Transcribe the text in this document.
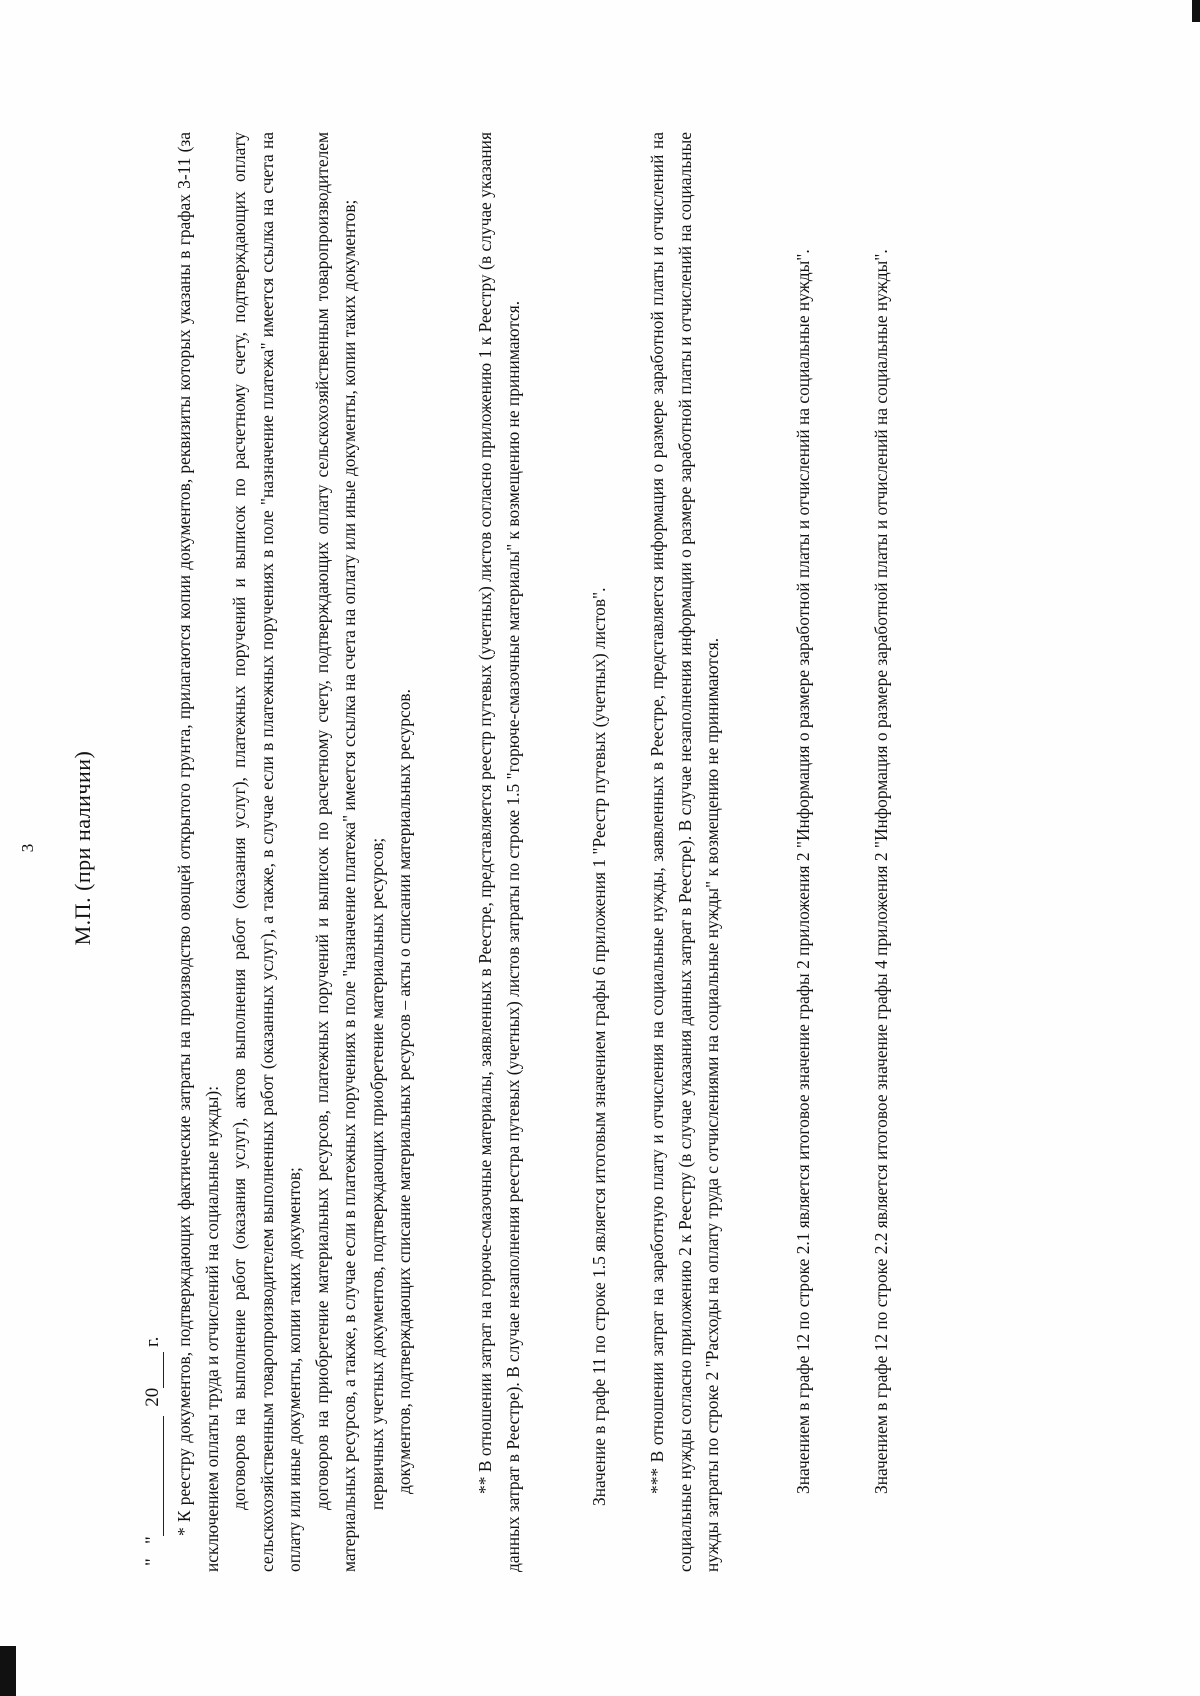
3 М.П. (при наличии)
"   "  20 г. * К реестру документов, подтверждающих фактические затраты на производство овощей открытого грунта, прилагаются копии документов, реквизиты которых указаны в графах 3-11 (за исключением оплаты труда и отчислений на социальные нужды): договоров на выполнение работ (оказания услуг), актов выполнения работ (оказания услуг), платежных поручений и выписок по расчетному счету, подтверждающих оплату сельскохозяйственным товаропроизводителем выполненных работ (оказанных услуг), а также, в случае если в платежных поручениях в поле "назначение платежа" имеется ссылка на счета на оплату или иные документы, копии таких документов; договоров на приобретение материальных ресурсов, платежных поручений и выписок по расчетному счету, подтверждающих оплату сельскохозяйственным товаропроизводителем материальных ресурсов, а также, в случае если в платежных поручениях в поле "назначение платежа" имеется ссылка на счета на оплату или иные документы, копии таких документов; первичных учетных документов, подтверждающих приобретение материальных ресурсов; документов, подтверждающих списание материальных ресурсов – акты о списании материальных ресурсов.	** В отношении затрат на горюче-смазочные материалы, заявленных в Реестре, представляется реестр путевых (учетных) листов согласно приложению 1 к Реестру (в случае указания данных затрат в Реестре). В случае незаполнения реестра путевых (учетных) листов затраты по строке 1.5 "горюче-смазочные материалы" к возмещению не принимаются.	Значение в графе 11 по строке 1.5 является итоговым значением графы 6 приложения 1 "Реестр путевых (учетных) листов". *** В отношении затрат на заработную плату и отчисления на социальные нужды, заявленных в Реестре, представляется информация о размере заработной платы и отчислений на социальные нужды согласно приложению 2 к Реестру (в случае указания данных затрат в Реестре). В случае незаполнения информации о размере заработной платы и отчислений на социальные нужды затраты по строке 2 "Расходы на оплату труда с отчислениями на социальные нужды" к возмещению не принимаются.	Значением в графе 12 по строке 2.1 является итоговое значение графы 2 приложения 2 "Информация о размере заработной платы и отчислений на социальные нужды".	Значением в графе 12 по строке 2.2 является итоговое значение графы 4 приложения 2 "Информация о размере заработной платы и отчислений на социальные нужды".
